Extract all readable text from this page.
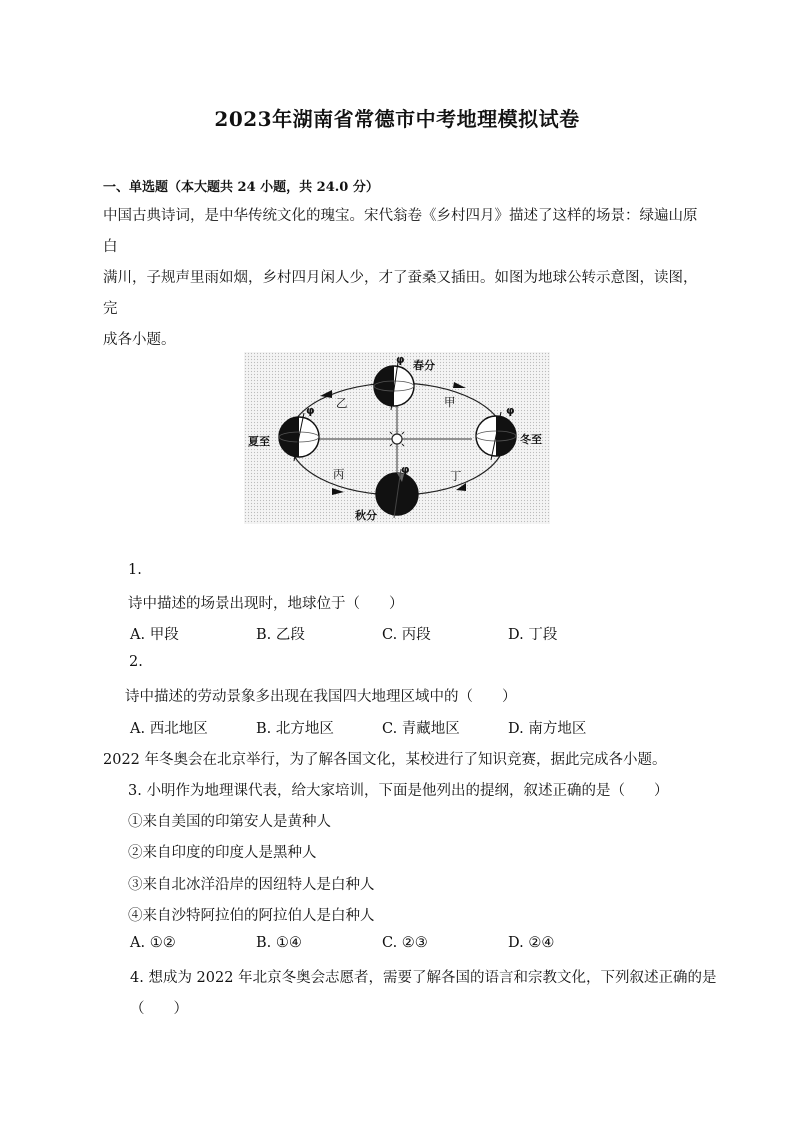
2023年湖南省常德市中考地理模拟试卷
一、单选题（本大题共 24 小题，共 24.0 分）
中国古典诗词，是中华传统文化的瑰宝。宋代翁卷《乡村四月》描述了这样的场景：绿遍山原白
满川，子规声里雨如烟，乡村四月闲人少，才了蚕桑又插田。如图为地球公转示意图，读图，完
成各小题。
φ 春分
φ
夏至
φ
冬至
φ
秋分
乙	甲
丙	丁
1.
诗中描述的场景出现时，地球位于（　　）
A. 甲段	B. 乙段	C. 丙段	D. 丁段
2.
诗中描述的劳动景象多出现在我国四大地理区域中的（　　）
A. 西北地区	B. 北方地区	C. 青藏地区	D. 南方地区
2022 年冬奥会在北京举行，为了解各国文化，某校进行了知识竞赛，据此完成各小题。
3. 小明作为地理课代表，给大家培训，下面是他列出的提纲，叙述正确的是（　　）
①来自美国的印第安人是黄种人
②来自印度的印度人是黑种人
③来自北冰洋沿岸的因纽特人是白种人
④来自沙特阿拉伯的阿拉伯人是白种人
A. ①②	B. ①④	C. ②③	D. ②④
4. 想成为 2022 年北京冬奥会志愿者，需要了解各国的语言和宗教文化，下列叙述正确的是
（　　）
